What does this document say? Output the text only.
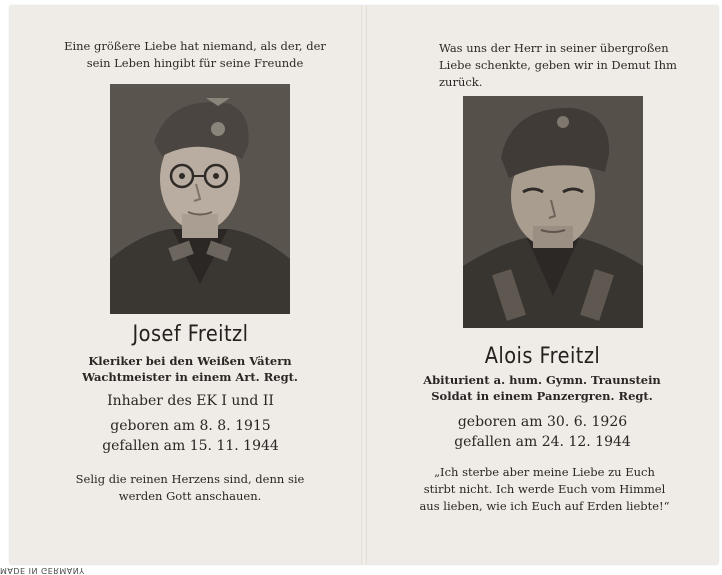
Eine größere Liebe hat niemand, als der, der
sein Leben hingibt für seine Freunde
Josef Freitzl
Kleriker bei den Weißen Vätern
Wachtmeister in einem Art. Regt.
Inhaber des EK I und II
geboren am 8. 8. 1915
gefallen am 15. 11. 1944
Selig die reinen Herzens sind, denn sie
werden Gott anschauen.
Was uns der Herr in seiner übergroßen
Liebe schenkte, geben wir in Demut Ihm
zurück.
Alois Freitzl
Abiturient a. hum. Gymn. Traunstein
Soldat in einem Panzergren. Regt.
geboren am 30. 6. 1926
gefallen am 24. 12. 1944
„Ich sterbe aber meine Liebe zu Euch
stirbt nicht. Ich werde Euch vom Himmel
aus lieben, wie ich Euch auf Erden liebte!“
MADE IN GERMANY
